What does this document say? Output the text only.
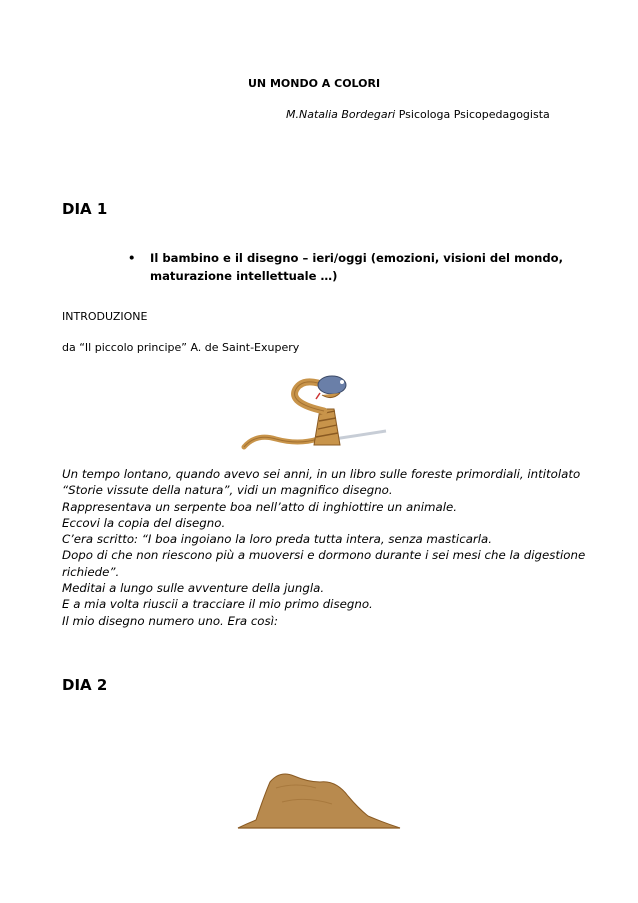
UN MONDO A COLORI
M.Natalia Bordegari Psicologa Psicopedagogista
DIA 1
• Il bambino e il disegno – ieri/oggi (emozioni, visioni del mondo,
maturazione intellettuale …)
INTRODUZIONE
da “Il piccolo principe” A. de Saint-Exupery
Un tempo lontano, quando avevo sei anni, in un libro sulle foreste primordiali, intitolato
“Storie vissute della natura”, vidi un magnifico disegno.
Rappresentava un serpente boa nell’atto di inghiottire un animale.
Eccovi la copia del disegno.
C’era scritto: “I boa ingoiano la loro preda tutta intera, senza masticarla.
Dopo di che non riescono più a muoversi e dormono durante i sei mesi che la digestione
richiede”.
Meditai a lungo sulle avventure della jungla.
E a mia volta riuscii a tracciare il mio primo disegno.
Il mio disegno numero uno. Era così:
DIA 2
